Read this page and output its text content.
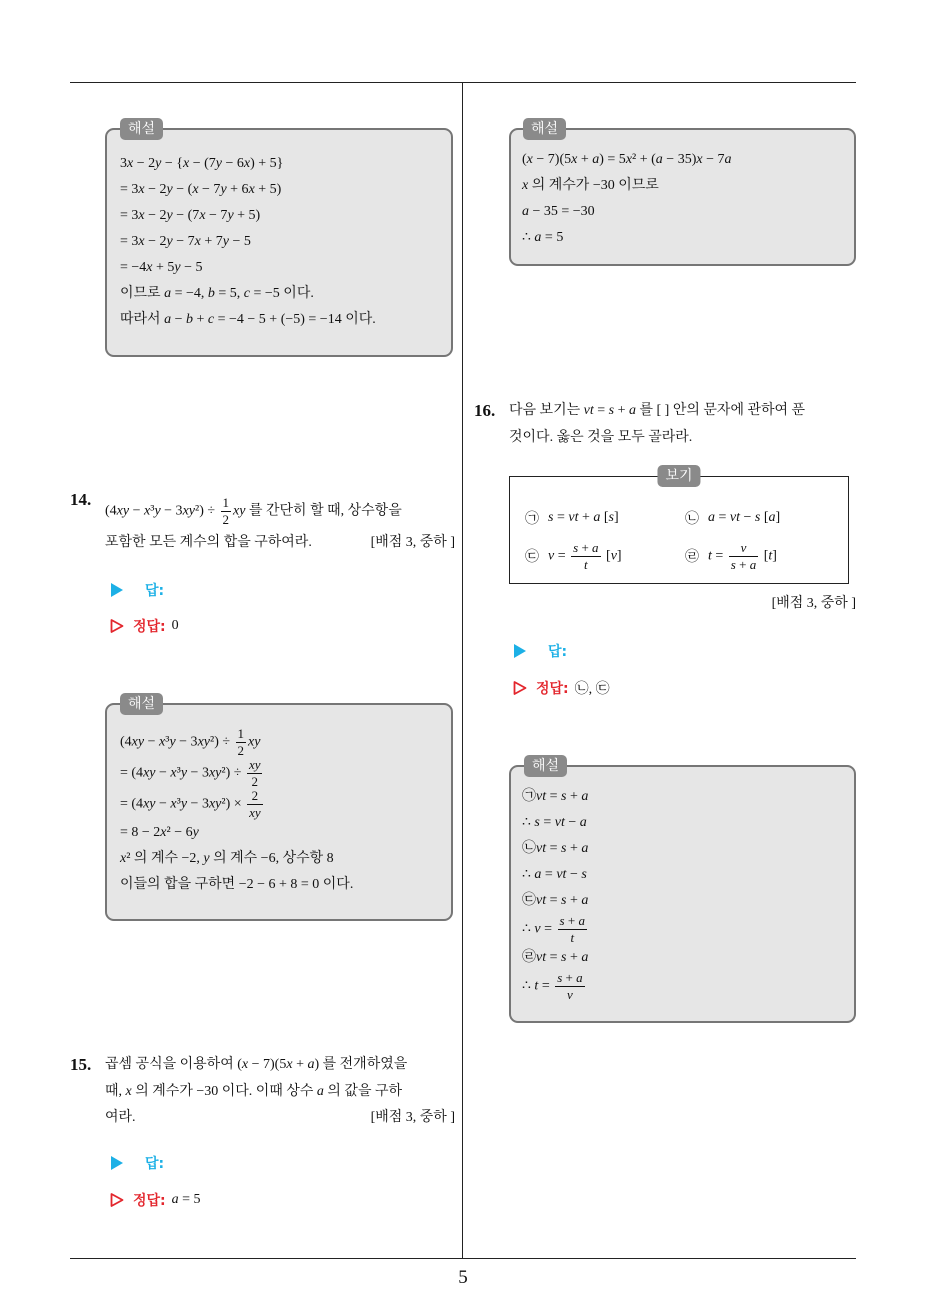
해설
3x − 2y − {x − (7y − 6x) + 5}
= 3x − 2y − (x − 7y + 6x + 5)
= 3x − 2y − (7x − 7y + 5)
= 3x − 2y − 7x + 7y − 5
= −4x + 5y − 5
이므로 a = −4, b = 5, c = −5 이다.
따라서 a − b + c = −4 − 5 + (−5) = −14 이다.
14.
$(4xy - x^3y - 3xy^2) \div \frac{1}{2}$ xy 를 간단히 할 때, 상수항을
포함한 모든 계수의 합을 구하여라.	[배점 3, 중하 ]
답:
정답: 0
해설
$(4xy - x^3y - 3xy^2) \div \frac{1}{2}$ xy
= $(4xy - x^3y - 3xy^2) \div \frac{xy}{2}$
= $(4xy - x^3y - 3xy^2) \times \frac{2}{xy}$
= 8 − 2x² − 6y
x² 의 계수 −2, y 의 계수 −6, 상수항 8
이들의 합을 구하면 −2 − 6 + 8 = 0 이다.
15. 곱셈 공식을 이용하여 (x − 7)(5x + a) 를 전개하였을
때, x 의 계수가 −30 이다. 이때 상수 a 의 값을 구하
여라.	[배점 3, 중하 ]
답:
정답: a = 5
해설
(x − 7)(5x + a) = 5x² + (a − 35)x − 7a
x 의 계수가 −30 이므로
a − 35 = −30
∴ a = 5
16. 다음 보기는 vt = s + a 를 [ ] 안의 문자에 관하여 푼
것이다. 옳은 것을 모두 골라라.
보기
㉠ s = vt + a [s]	㉡ a = vt − s [a]
㉢ $v = \frac{s + a}{t} [v]$	㉣ $t = \frac{v}{s + a} [t]$
[배점 3, 중하 ]
답:
정답: ㉡, ㉢
해설
㉠vt = s + a
∴ s = vt − a
㉡vt = s + a
∴ a = vt − s
㉢vt = s + a
∴ $v = \frac{s + a}{t}$
㉣vt = s + a
∴ $t = \frac{s + a}{v}$
5
